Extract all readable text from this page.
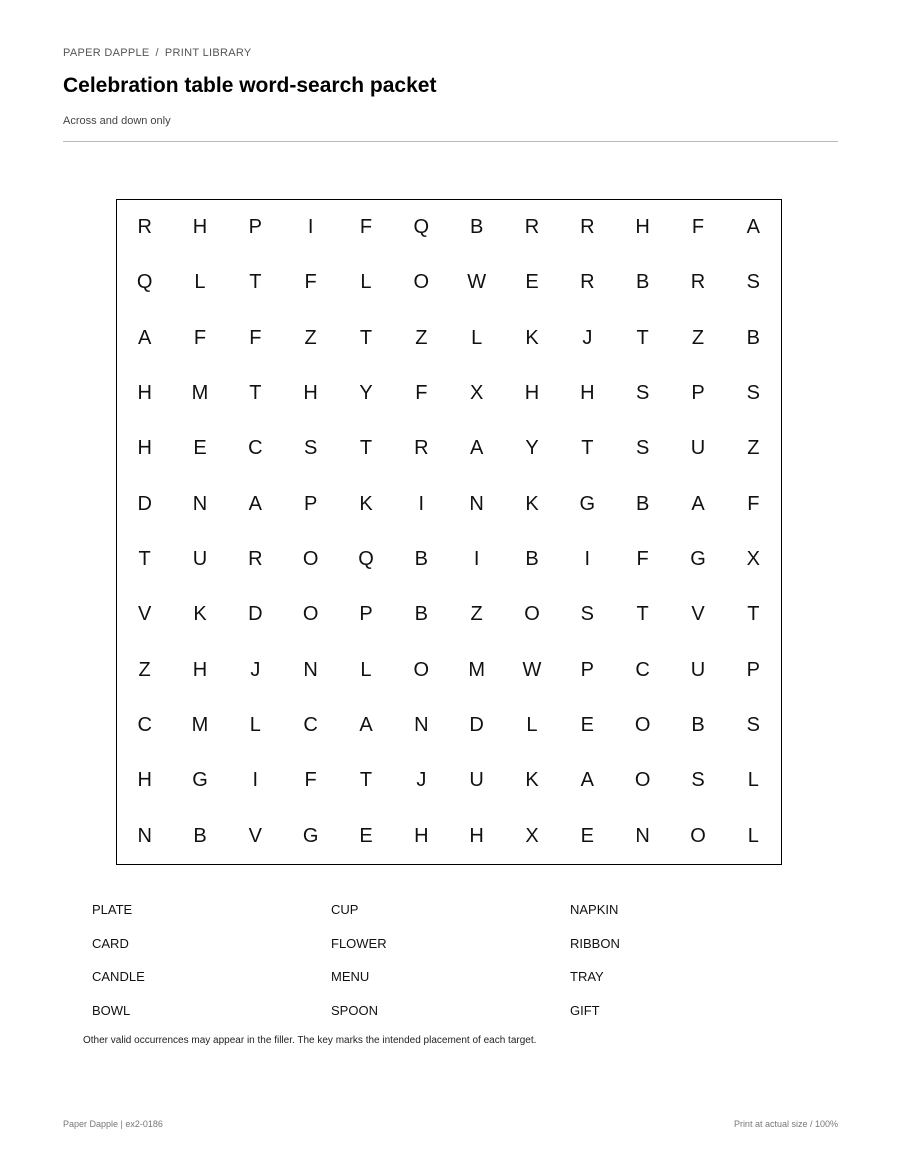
PAPER DAPPLE / PRINT LIBRARY
Celebration table word-search packet
Across and down only
R	H	P	I	F	Q	B	R	R	H	F	A
Q	L	T	F	L	O	W	E	R	B	R	S
A	F	F	Z	T	Z	L	K	J	T	Z	B
H	M	T	H	Y	F	X	H	H	S	P	S
H	E	C	S	T	R	A	Y	T	S	U	Z
D	N	A	P	K	I	N	K	G	B	A	F
T	U	R	O	Q	B	I	B	I	F	G	X
V	K	D	O	P	B	Z	O	S	T	V	T
Z	H	J	N	L	O	M	W	P	C	U	P
C	M	L	C	A	N	D	L	E	O	B	S
H	G	I	F	T	J	U	K	A	O	S	L
N	B	V	G	E	H	H	X	E	N	O	L
PLATE	CUP	NAPKIN
CARD	FLOWER	RIBBON
CANDLE	MENU	TRAY
BOWL	SPOON	GIFT
Other valid occurrences may appear in the filler. The key marks the intended placement of each target.
Paper Dapple | ex2-0186	Print at actual size / 100%
